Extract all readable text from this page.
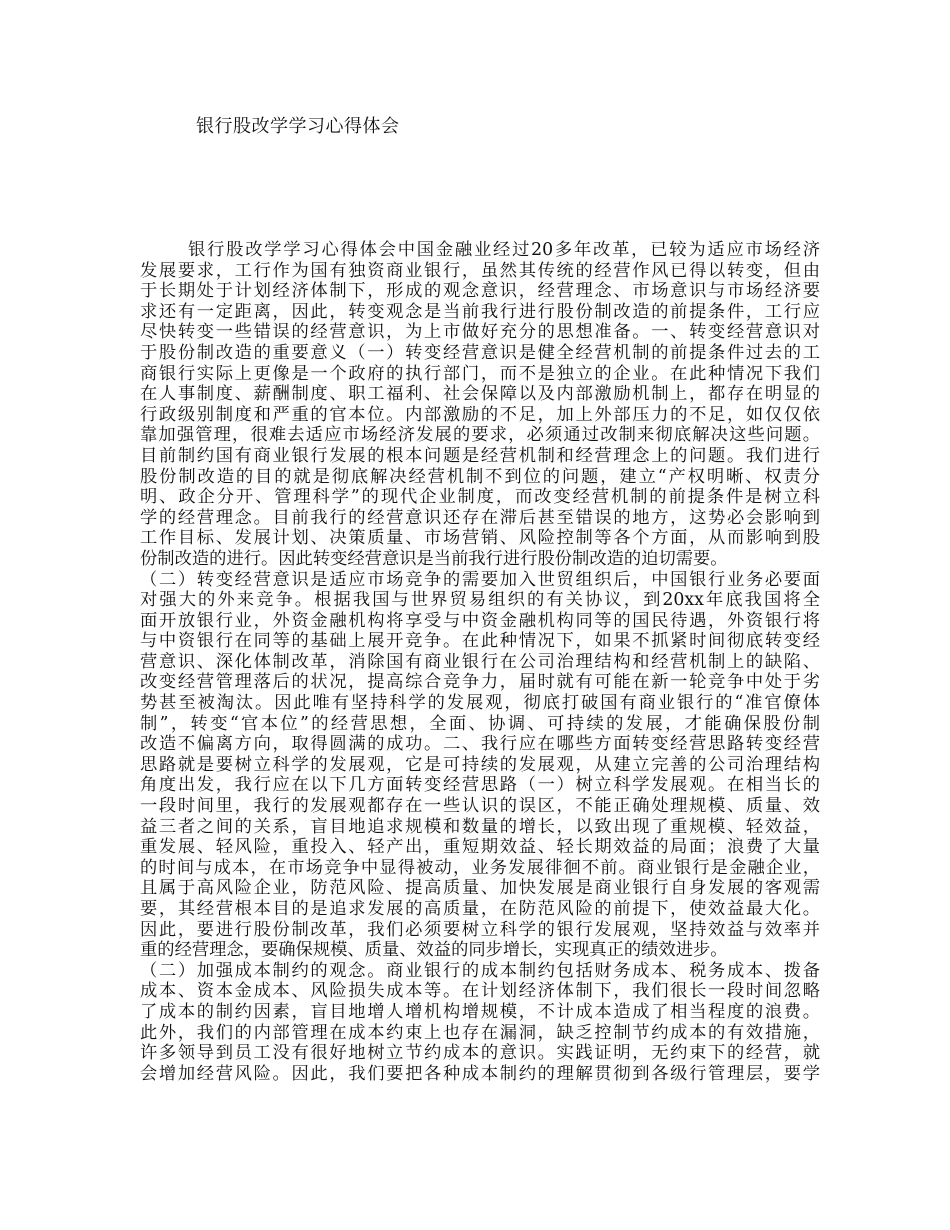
银行股改学学习心得体会
银行股改学学习心得体会中国金融业经过20多年改革，已较为适应市场经济
发展要求，工行作为国有独资商业银行，虽然其传统的经营作风已得以转变，但由
于长期处于计划经济体制下，形成的观念意识，经营理念、市场意识与市场经济要
求还有一定距离，因此，转变观念是当前我行进行股份制改造的前提条件，工行应
尽快转变一些错误的经营意识，为上市做好充分的思想准备。一、转变经营意识对
于股份制改造的重要意义（一）转变经营意识是健全经营机制的前提条件过去的工
商银行实际上更像是一个政府的执行部门，而不是独立的企业。在此种情况下我们
在人事制度、薪酬制度、职工福利、社会保障以及内部激励机制上，都存在明显的
行政级别制度和严重的官本位。内部激励的不足，加上外部压力的不足，如仅仅依
靠加强管理，很难去适应市场经济发展的要求，必须通过改制来彻底解决这些问题。
目前制约国有商业银行发展的根本问题是经营机制和经营理念上的问题。我们进行
股份制改造的目的就是彻底解决经营机制不到位的问题，建立“产权明晰、权责分
明、政企分开、管理科学”的现代企业制度，而改变经营机制的前提条件是树立科
学的经营理念。目前我行的经营意识还存在滞后甚至错误的地方，这势必会影响到
工作目标、发展计划、决策质量、市场营销、风险控制等各个方面，从而影响到股
份制改造的进行。因此转变经营意识是当前我行进行股份制改造的迫切需要。
（二）转变经营意识是适应市场竞争的需要加入世贸组织后，中国银行业务必要面
对强大的外来竞争。根据我国与世界贸易组织的有关协议，到20xx年底我国将全
面开放银行业，外资金融机构将享受与中资金融机构同等的国民待遇，外资银行将
与中资银行在同等的基础上展开竞争。在此种情况下，如果不抓紧时间彻底转变经
营意识、深化体制改革，消除国有商业银行在公司治理结构和经营机制上的缺陷、
改变经营管理落后的状况，提高综合竞争力，届时就有可能在新一轮竞争中处于劣
势甚至被淘汰。因此唯有坚持科学的发展观，彻底打破国有商业银行的“准官僚体
制”，转变“官本位”的经营思想，全面、协调、可持续的发展，才能确保股份制
改造不偏离方向，取得圆满的成功。二、我行应在哪些方面转变经营思路转变经营
思路就是要树立科学的发展观，它是可持续的发展观，从建立完善的公司治理结构
角度出发，我行应在以下几方面转变经营思路（一）树立科学发展观。在相当长的
一段时间里，我行的发展观都存在一些认识的误区，不能正确处理规模、质量、效
益三者之间的关系，盲目地追求规模和数量的增长，以致出现了重规模、轻效益，
重发展、轻风险，重投入、轻产出，重短期效益、轻长期效益的局面；浪费了大量
的时间与成本，在市场竞争中显得被动，业务发展徘徊不前。商业银行是金融企业，
且属于高风险企业，防范风险、提高质量、加快发展是商业银行自身发展的客观需
要，其经营根本目的是追求发展的高质量，在防范风险的前提下，使效益最大化。
因此，要进行股份制改革，我们必须要树立科学的银行发展观，坚持效益与效率并
重的经营理念，要确保规模、质量、效益的同步增长，实现真正的绩效进步。
（二）加强成本制约的观念。商业银行的成本制约包括财务成本、税务成本、拨备
成本、资本金成本、风险损失成本等。在计划经济体制下，我们很长一段时间忽略
了成本的制约因素，盲目地增人增机构增规模，不计成本造成了相当程度的浪费。
此外，我们的内部管理在成本约束上也存在漏洞，缺乏控制节约成本的有效措施，
许多领导到员工没有很好地树立节约成本的意识。实践证明，无约束下的经营，就
会增加经营风险。因此，我们要把各种成本制约的理解贯彻到各级行管理层，要学
